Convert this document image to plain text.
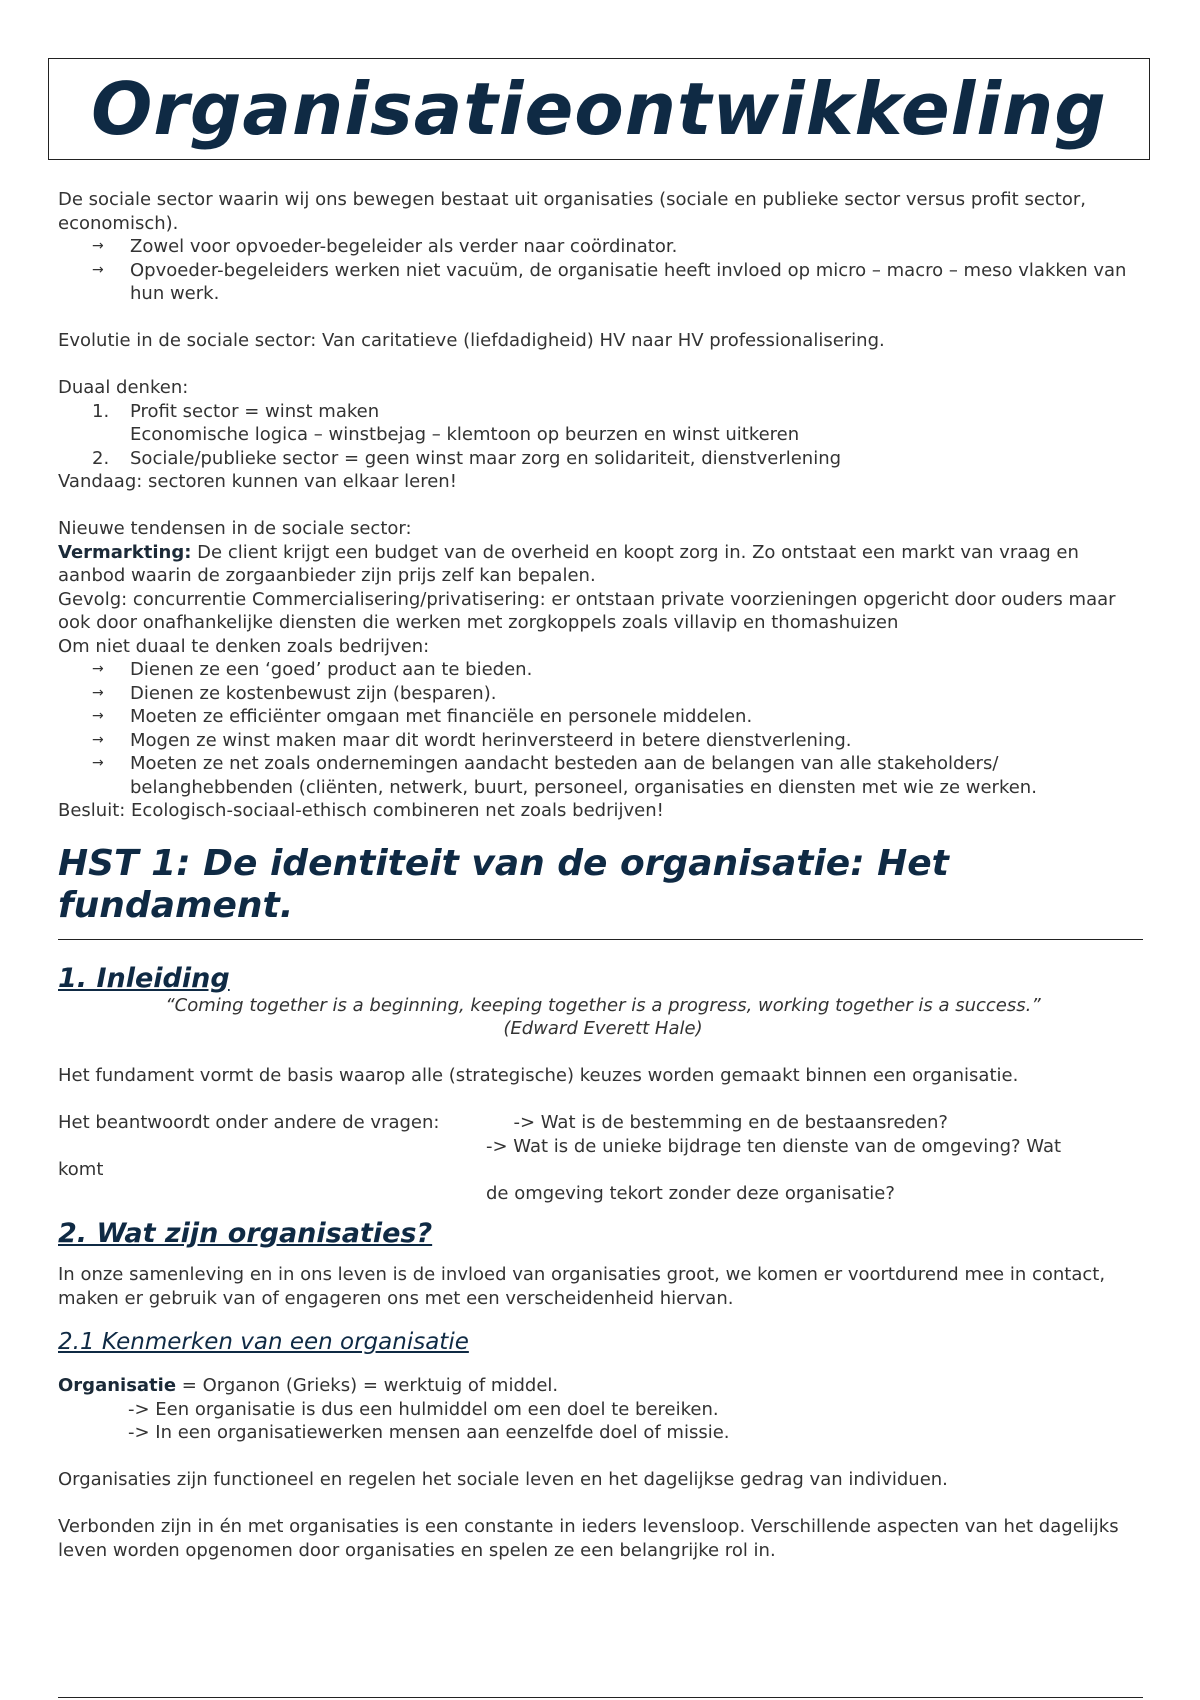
Organisatieontwikkeling

De sociale sector waarin wij ons bewegen bestaat uit organisaties (sociale en publieke sector versus profit sector, economisch).

→ Zowel voor opvoeder-begeleider als verder naar coördinator.
→ Opvoeder-begeleiders werken niet vacuüm, de organisatie heeft invloed op micro – macro – meso vlakken van hun werk.

Evolutie in de sociale sector: Van caritatieve (liefdadigheid) HV naar HV professionalisering.

Duaal denken:

1. Profit sector = winst maken

Economische logica – winstbejag – klemtoon op beurzen en winst uitkeren

2. Sociale/publieke sector = geen winst maar zorg en solidariteit, dienstverlening

Vandaag: sectoren kunnen van elkaar leren!

Nieuwe tendensen in de sociale sector:

Vermarkting: De client krijgt een budget van de overheid en koopt zorg in. Zo ontstaat een markt van vraag en aanbod waarin de zorgaanbieder zijn prijs zelf kan bepalen.

Gevolg: concurrentie Commercialisering/privatisering: er ontstaan private voorzieningen opgericht door ouders maar ook door onafhankelijke diensten die werken met zorgkoppels zoals villavip en thomashuizen

Om niet duaal te denken zoals bedrijven:

→ Dienen ze een ‘goed’ product aan te bieden.
→ Dienen ze kostenbewust zijn (besparen).
→ Moeten ze efficiënter omgaan met financiële en personele middelen.
→ Mogen ze winst maken maar dit wordt herinversteerd in betere dienstverlening.
→ Moeten ze net zoals ondernemingen aandacht besteden aan de belangen van alle stakeholders/ belanghebbenden (cliënten, netwerk, buurt, personeel, organisaties en diensten met wie ze werken.

Besluit: Ecologisch-sociaal-ethisch combineren net zoals bedrijven!

HST 1: De identiteit van de organisatie: Het fundament.
1. Inleiding

“Coming together is a beginning, keeping together is a progress, working together is a success.”

(Edward Everett Hale)

Het fundament vormt de basis waarop alle (strategische) keuzes worden gemaakt binnen een organisatie.

Het beantwoordt onder andere de vragen:	-> Wat is de bestemming en de bestaansreden?

-> Wat is de unieke bijdrage ten dienste van de omgeving? Wat

komt

de omgeving tekort zonder deze organisatie?

2. Wat zijn organisaties?

In onze samenleving en in ons leven is de invloed van organisaties groot, we komen er voortdurend mee in contact, maken er gebruik van of engageren ons met een verscheidenheid hiervan.

2.1 Kenmerken van een organisatie

Organisatie = Organon (Grieks) = werktuig of middel.

-> Een organisatie is dus een hulmiddel om een doel te bereiken.

-> In een organisatiewerken mensen aan eenzelfde doel of missie.

Organisaties zijn functioneel en regelen het sociale leven en het dagelijkse gedrag van individuen.

Verbonden zijn in én met organisaties is een constante in ieders levensloop. Verschillende aspecten van het dagelijks leven worden opgenomen door organisaties en spelen ze een belangrijke rol in.
